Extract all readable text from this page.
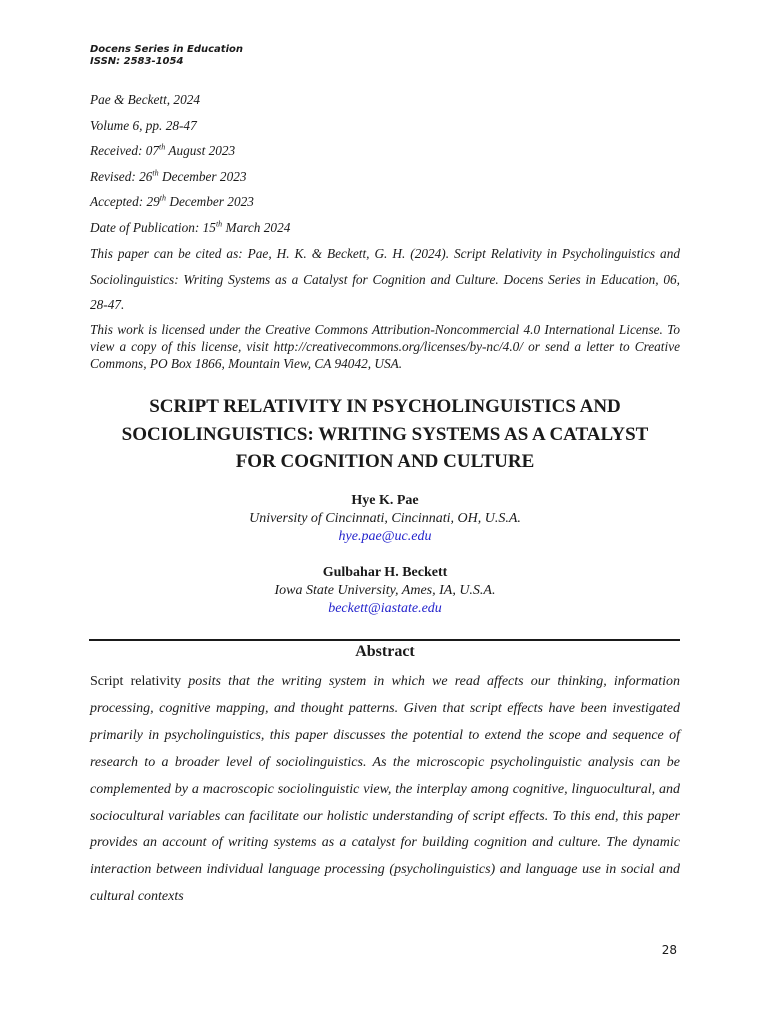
Docens Series in Education
ISSN: 2583-1054
Pae & Beckett, 2024
Volume 6, pp. 28-47
Received: 07th August 2023
Revised: 26th December 2023
Accepted: 29th December 2023
Date of Publication: 15th March 2024
This paper can be cited as: Pae, H. K. & Beckett, G. H. (2024). Script Relativity in Psycholinguistics and Sociolinguistics: Writing Systems as a Catalyst for Cognition and Culture. Docens Series in Education, 06, 28-47.
This work is licensed under the Creative Commons Attribution-Noncommercial 4.0 International License. To view a copy of this license, visit http://creativecommons.org/licenses/by-nc/4.0/ or send a letter to Creative Commons, PO Box 1866, Mountain View, CA 94042, USA.
SCRIPT RELATIVITY IN PSYCHOLINGUISTICS AND
SOCIOLINGUISTICS: WRITING SYSTEMS AS A CATALYST
FOR COGNITION AND CULTURE
Hye K. Pae
University of Cincinnati, Cincinnati, OH, U.S.A.
hye.pae@uc.edu
Gulbahar H. Beckett
Iowa State University, Ames, IA, U.S.A.
beckett@iastate.edu
Abstract
Script relativity posits that the writing system in which we read affects our thinking, information processing, cognitive mapping, and thought patterns. Given that script effects have been investigated primarily in psycholinguistics, this paper discusses the potential to extend the scope and sequence of research to a broader level of sociolinguistics. As the microscopic psycholinguistic analysis can be complemented by a macroscopic sociolinguistic view, the interplay among cognitive, linguocultural, and sociocultural variables can facilitate our holistic understanding of script effects. To this end, this paper provides an account of writing systems as a catalyst for building cognition and culture. The dynamic interaction between individual language processing (psycholinguistics) and language use in social and cultural contexts
28
